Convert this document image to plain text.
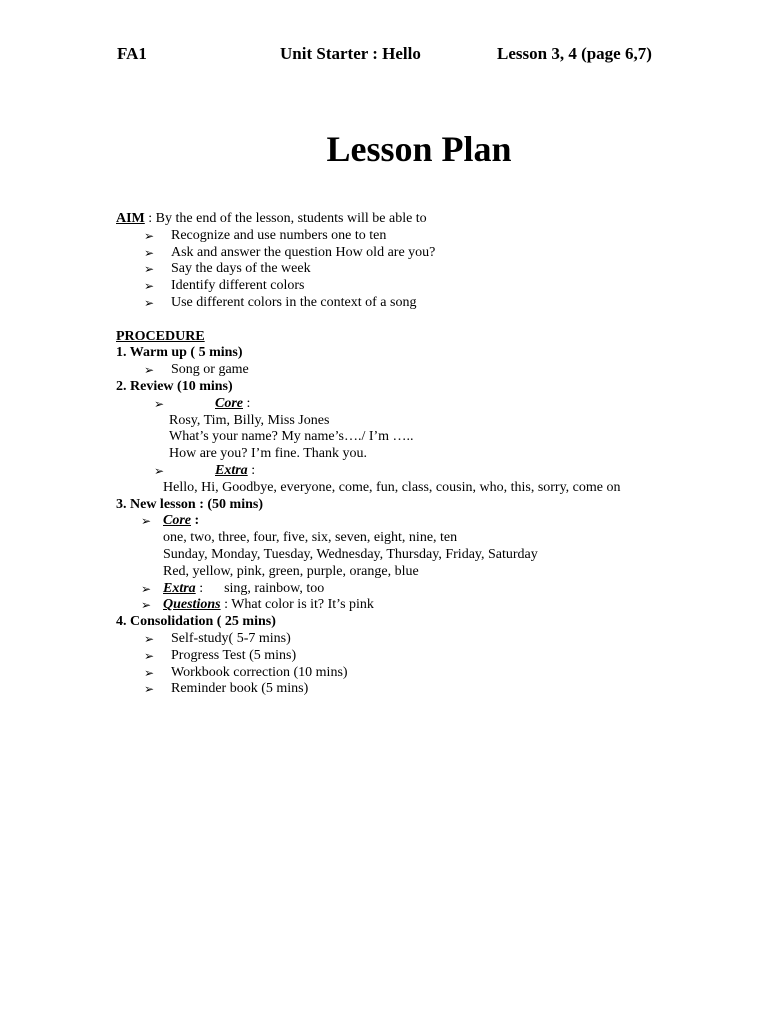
FA1	Unit Starter : Hello	Lesson 3, 4 (page 6,7)
Lesson Plan
AIM : By the end of the lesson, students will be able to
➢ Recognize and use numbers one to ten
➢ Ask and answer the question How old are you?
➢ Say the days of the week
➢ Identify different colors
➢ Use different colors in the context of a song
PROCEDURE
1. Warm up ( 5 mins)
➢ Song or game
2. Review (10 mins)
➢	Core :
Rosy, Tim, Billy, Miss Jones
What’s your name? My name’s…./ I’m …..
How are you? I’m fine. Thank you.
➢	Extra :
Hello, Hi, Goodbye, everyone, come, fun, class, cousin, who, this, sorry, come on
3. New lesson : (50 mins)
➢ Core :
one, two, three, four, five, six, seven, eight, nine, ten
Sunday, Monday, Tuesday, Wednesday, Thursday, Friday, Saturday
Red, yellow, pink, green, purple, orange, blue
➢ Extra :      sing, rainbow, too
➢ Questions : What color is it? It’s pink
4. Consolidation ( 25 mins)
➢ Self-study( 5-7 mins)
➢ Progress Test (5 mins)
➢ Workbook correction (10 mins)
➢ Reminder book (5 mins)
